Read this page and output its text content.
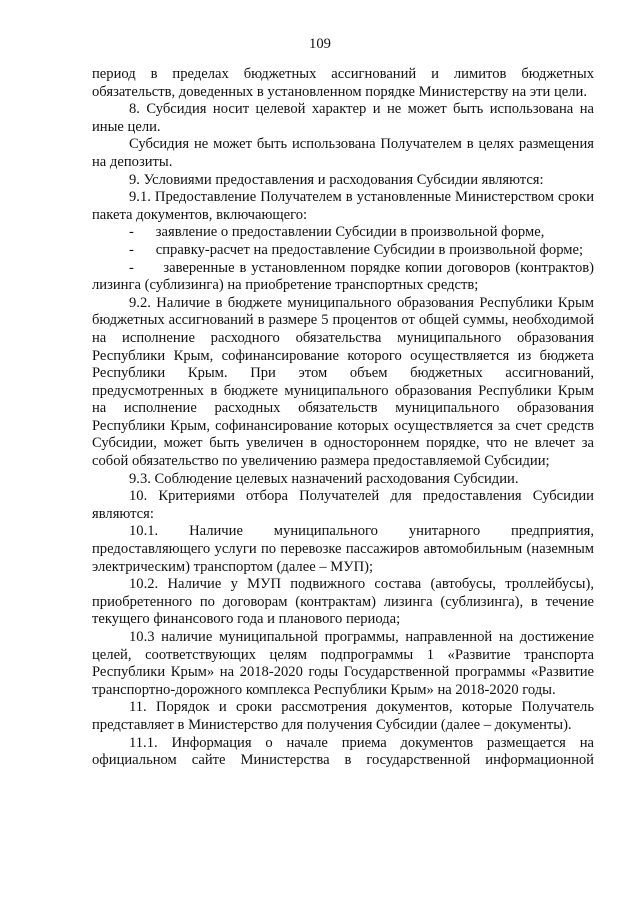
109

период в пределах бюджетных ассигнований и лимитов бюджетных обязательств, доведенных в установленном порядке Министерству на эти цели.

8. Субсидия носит целевой характер и не может быть использована на иные цели.

Субсидия не может быть использована Получателем в целях размещения на депозиты.

9. Условиями предоставления и расходования Субсидии являются:

9.1. Предоставление Получателем в установленные Министерством сроки пакета документов, включающего:

-      заявление о предоставлении Субсидии в произвольной форме,

-      справку-расчет на предоставление Субсидии в произвольной форме;

-      заверенные в установленном порядке копии договоров (контрактов) лизинга (сублизинга) на приобретение транспортных средств;

9.2. Наличие в бюджете муниципального образования Республики Крым бюджетных ассигнований в размере 5 процентов от общей суммы, необходимой на исполнение расходного обязательства муниципального образования Республики Крым, софинансирование которого осуществляется из бюджета Республики Крым. При этом объем бюджетных ассигнований, предусмотренных в бюджете муниципального образования Республики Крым на исполнение расходных обязательств муниципального образования Республики Крым, софинансирование которых осуществляется за счет средств Субсидии, может быть увеличен в одностороннем порядке, что не влечет за собой обязательство по увеличению размера предоставляемой Субсидии;

9.3. Соблюдение целевых назначений расходования Субсидии.

10. Критериями отбора Получателей для предоставления Субсидии являются:

10.1. Наличие муниципального унитарного предприятия, предоставляющего услуги по перевозке пассажиров автомобильным (наземным электрическим) транспортом (далее – МУП);

10.2. Наличие у МУП подвижного состава (автобусы, троллейбусы), приобретенного по договорам (контрактам) лизинга (сублизинга), в течение текущего финансового года и планового периода;

10.3 наличие муниципальной программы, направленной на достижение целей, соответствующих целям подпрограммы 1 «Развитие транспорта Республики Крым» на 2018-2020 годы Государственной программы «Развитие транспортно-дорожного комплекса Республики Крым» на 2018-2020 годы.

11. Порядок и сроки рассмотрения документов, которые Получатель представляет в Министерство для получения Субсидии (далее – документы).

11.1. Информация о начале приема документов размещается на официальном сайте Министерства в государственной информационной
